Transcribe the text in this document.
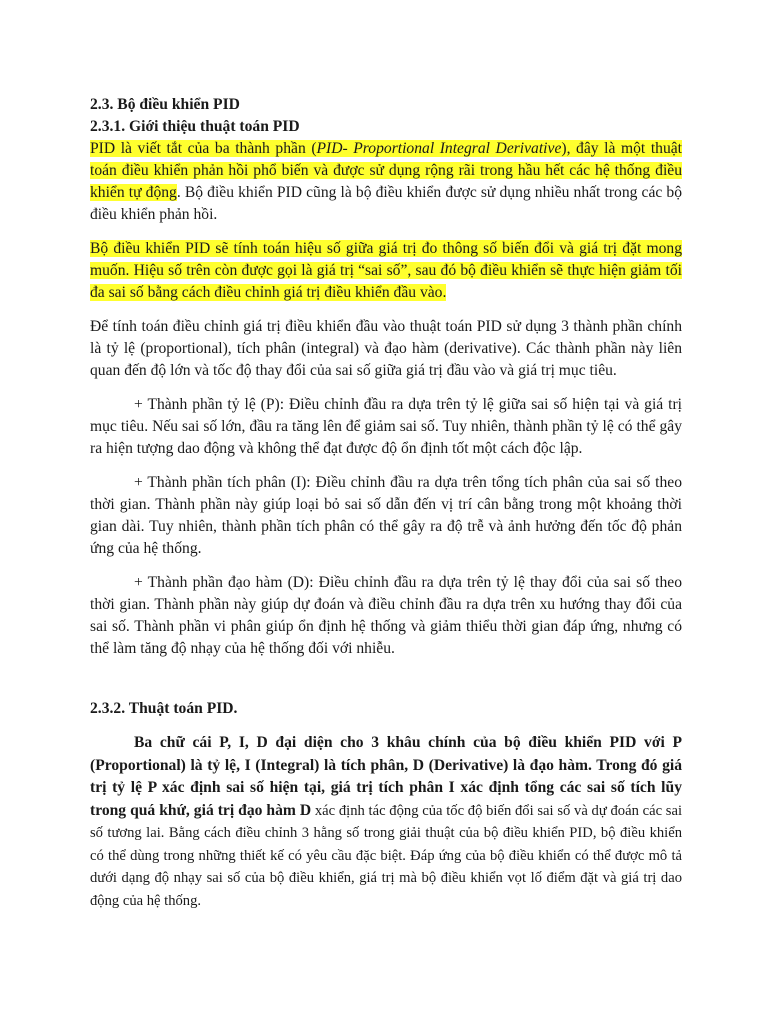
2.3. Bộ điều khiển PID
2.3.1. Giới thiệu thuật toán PID

PID là viết tắt của ba thành phần (PID- Proportional Integral Derivative), đây là một thuật toán điều khiển phản hồi phổ biến và được sử dụng rộng rãi trong hầu hết các hệ thống điều khiển tự động. Bộ điều khiển PID cũng là bộ điều khiển được sử dụng nhiều nhất trong các bộ điều khiển phản hồi.

Bộ điều khiển PID sẽ tính toán hiệu số giữa giá trị đo thông số biến đổi và giá trị đặt mong muốn. Hiệu số trên còn được gọi là giá trị “sai số”, sau đó bộ điều khiển sẽ thực hiện giảm tối đa sai số bằng cách điều chỉnh giá trị điều khiển đầu vào.

Để tính toán điều chỉnh giá trị điều khiển đầu vào thuật toán PID sử dụng 3 thành phần chính là tỷ lệ (proportional), tích phân (integral) và đạo hàm (derivative). Các thành phần này liên quan đến độ lớn và tốc độ thay đổi của sai số giữa giá trị đầu vào và giá trị mục tiêu.

+ Thành phần tỷ lệ (P): Điều chỉnh đầu ra dựa trên tỷ lệ giữa sai số hiện tại và giá trị mục tiêu. Nếu sai số lớn, đầu ra tăng lên để giảm sai số. Tuy nhiên, thành phần tỷ lệ có thể gây ra hiện tượng dao động và không thể đạt được độ ổn định tốt một cách độc lập.

+ Thành phần tích phân (I): Điều chỉnh đầu ra dựa trên tổng tích phân của sai số theo thời gian. Thành phần này giúp loại bỏ sai số dẫn đến vị trí cân bằng trong một khoảng thời gian dài. Tuy nhiên, thành phần tích phân có thể gây ra độ trễ và ảnh hưởng đến tốc độ phản ứng của hệ thống.

+ Thành phần đạo hàm (D): Điều chỉnh đầu ra dựa trên tỷ lệ thay đổi của sai số theo thời gian. Thành phần này giúp dự đoán và điều chỉnh đầu ra dựa trên xu hướng thay đổi của sai số. Thành phần vi phân giúp ổn định hệ thống và giảm thiểu thời gian đáp ứng, nhưng có thể làm tăng độ nhạy của hệ thống đối với nhiễu.

2.3.2. Thuật toán PID.

Ba chữ cái P, I, D đại diện cho 3 khâu chính của bộ điều khiển PID với P (Proportional) là tỷ lệ, I (Integral) là tích phân, D (Derivative) là đạo hàm. Trong đó giá trị tỷ lệ P xác định sai số hiện tại, giá trị tích phân I xác định tổng các sai số tích lũy trong quá khứ, giá trị đạo hàm D xác định tác động của tốc độ biến đổi sai số và dự đoán các sai số tương lai. Bằng cách điều chỉnh 3 hằng số trong giải thuật của bộ điều khiển PID, bộ điều khiển có thể dùng trong những thiết kế có yêu cầu đặc biệt. Đáp ứng của bộ điều khiển có thể được mô tả dưới dạng độ nhạy sai số của bộ điều khiển, giá trị mà bộ điều khiển vọt lố điểm đặt và giá trị dao động của hệ thống.
